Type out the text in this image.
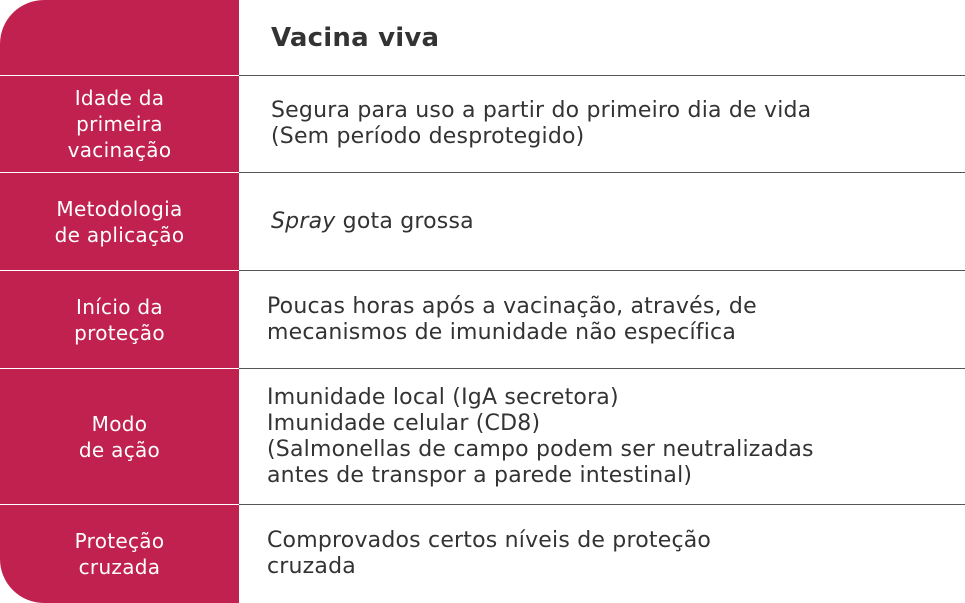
Vacina viva
Idade da
primeira
vacinação
Segura para uso a partir do primeiro dia de vida
(Sem período desprotegido)
Metodologia
de aplicação
Spray gota grossa
Início da
proteção
Poucas horas após a vacinação, através, de
mecanismos de imunidade não específica
Modo
de ação
Imunidade local (IgA secretora)
Imunidade celular (CD8)
(Salmonellas de campo podem ser neutralizadas
antes de transpor a parede intestinal)
Proteção
cruzada
Comprovados certos níveis de proteção
cruzada
